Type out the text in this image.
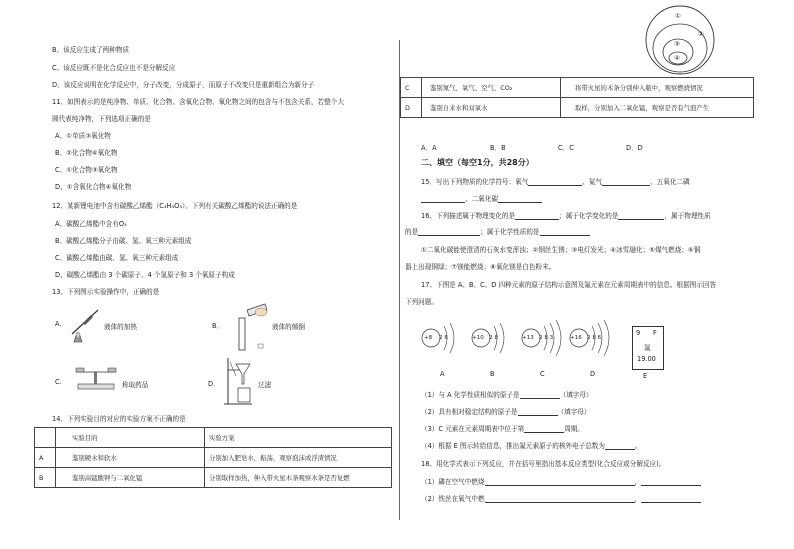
B、该反应生成了两种物质
C、该反应既不是化合反应也不是分解反应
D、该反应说明在化学反应中，分子改变，分成原子，而原子不改变只是重新组合为新分子
11、如图表示的是纯净物、单质、化合物、含氧化合物、氧化物之间的包含与不包含关系，若整个大
圆代表纯净物，下列选项正确的是
A、①单质③氧化物
B、②化合物④氧化物
C、①化合物③氧化物
D、①含氧化合物④氧化物
12、某新锂电池中含有碳酸乙烯酯（C₃H₄O₃）。下列有关碳酸乙烯酯的说法正确的是
A、碳酸乙烯酯中含有O₃
B、碳酸乙烯酯分子由碳、氢、氧三种元素组成
C、碳酸乙烯酯由碳、氢、氧三种元素组成
D、碳酸乙烯酯由 3 个碳原子、4 个氢原子和 3 个氧原子构成
13、下列图示实验操作中，正确的是
A.	液体的加热	B．	液体的倾倒
C.	称取药品	D．	过滤
14、下列实验目的对应的实验方案不正确的是
	实验目的	实验方案
A	鉴别硬水和软水	分别加入肥皂水，振荡，观察泡沫或浮渣情况
B	鉴别高锰酸钾与二氧化锰	分别取样加热，伸入带火星木条观察木条是否复燃
①
②
③
④
C	鉴别氮气、氧气、空气、CO₂	将带火星的木条分别伸入瓶中，观察燃烧情况
D	鉴别自来水和双氧水	取样，分别加入二氧化锰，观察是否有气泡产生
A．A	B．B	C．C	D．D
二、填空（每空1分，共28分）
15．写出下列物质的化学符号：氧气	、氮气	、五氧化二磷
、二氧化碳
16、下列描述属于物理变化的是	；属于化学变化的是	，属于物理性质
的是	；属于化学性质的是
①二氧化碳能使澄清的石灰水变浑浊；②钢丝生锈；③电灯发光；④冰雪融化；⑤煤气燃烧；⑥铜
器上出现铜绿；⑦镁能燃烧；⑧氧化镁是白色粉末。
17、下图是 A、B、C、D 四种元素的原子结构示意图及氟元素在元素周期表中的信息。根据图示回答
下列问题。
+8 2 6	+10 2 8	+13 2 8 3	+16 2 8 6
A	B	C	D
9 F
氟
19.00
E
（1）与 A 化学性质相似的原子是	（填字母）
（2）具有相对稳定结构的原子是	（填字母）
（3）C 元素在元素周期表中位于第	周期。
（4）根据 E 图示转给信息，推出氟元素原子的核外电子总数为	。
18、用化学式表示下列反应，并在括号里指出基本反应类型(化合反应或分解反应)。
（1）磷在空气中燃烧	，
（2）铁丝在氧气中燃	，
